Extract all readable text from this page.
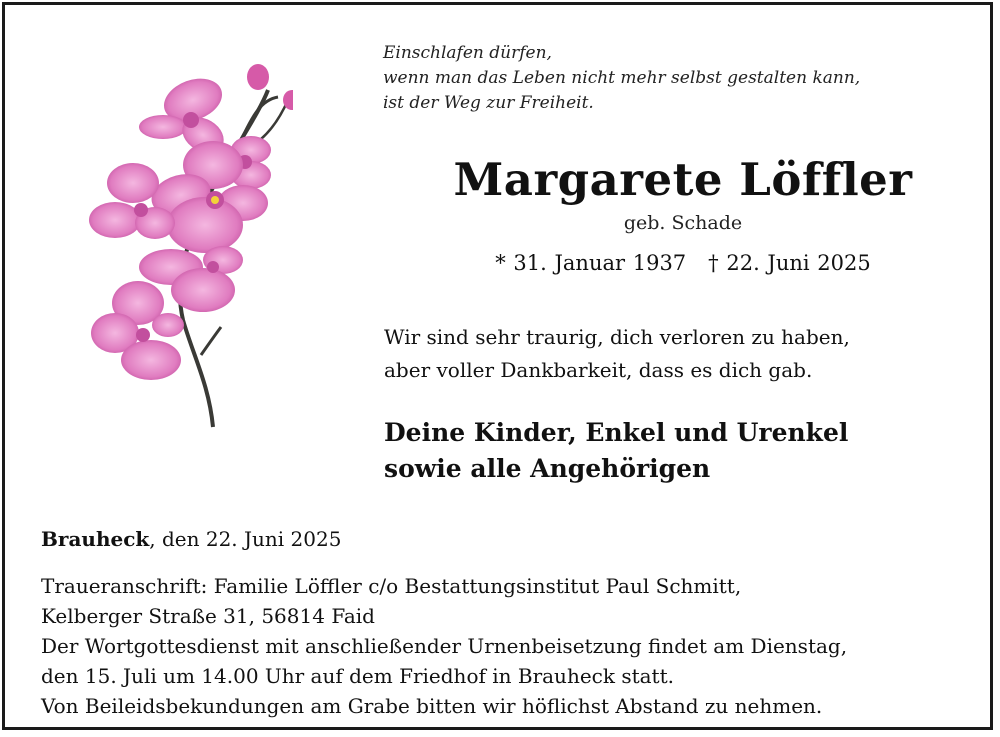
Einschlafen dürfen,
wenn man das Leben nicht mehr selbst gestalten kann,
ist der Weg zur Freiheit.
Margarete Löffler
geb. Schade
* 31. Januar 1937 † 22. Juni 2025
Wir sind sehr traurig, dich verloren zu haben,
aber voller Dankbarkeit, dass es dich gab.
Deine Kinder, Enkel und Urenkel
sowie alle Angehörigen
Brauheck, den 22. Juni 2025
Traueranschrift: Familie Löffler c/o Bestattungsinstitut Paul Schmitt,
Kelberger Straße 31, 56814 Faid
Der Wortgottesdienst mit anschließender Urnenbeisetzung findet am Dienstag,
den 15. Juli um 14.00 Uhr auf dem Friedhof in Brauheck statt.
Von Beileidsbekundungen am Grabe bitten wir höflichst Abstand zu nehmen.
